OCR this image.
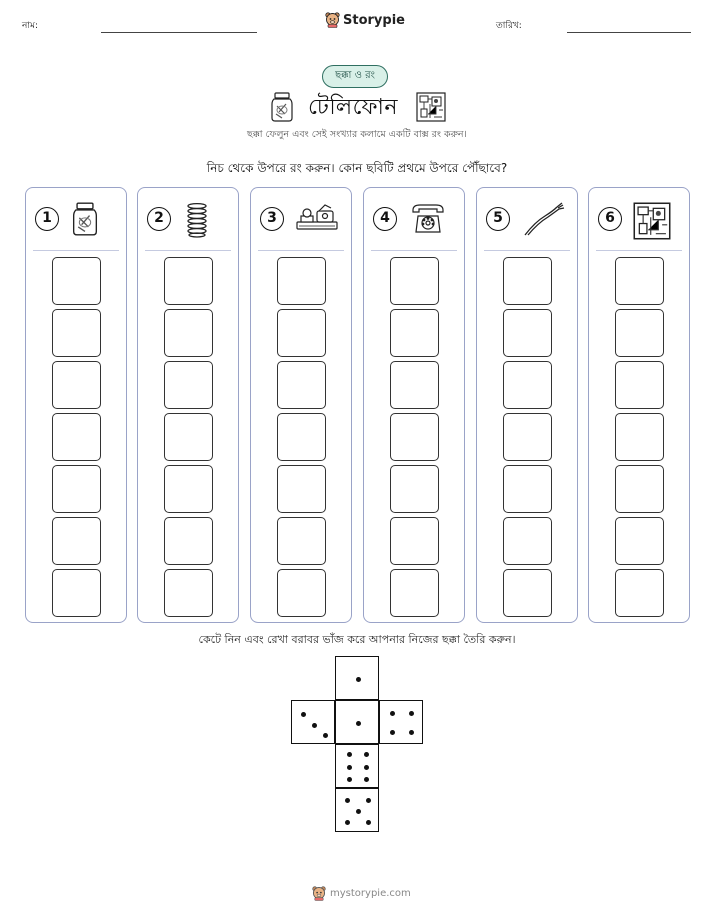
নাম:	Storypie	তারিখ:
ছক্কা ও রং
টেলিফোন
ছক্কা ফেলুন এবং সেই সংখ্যার কলামে একটি বাক্স রং করুন।
নিচ থেকে উপরে রং করুন। কোন ছবিটি প্রথমে উপরে পৌঁছাবে?
1	2	3	4	5	6
কেটে নিন এবং রেখা বরাবর ভাঁজ করে আপনার নিজের ছক্কা তৈরি করুন।
mystorypie.com
